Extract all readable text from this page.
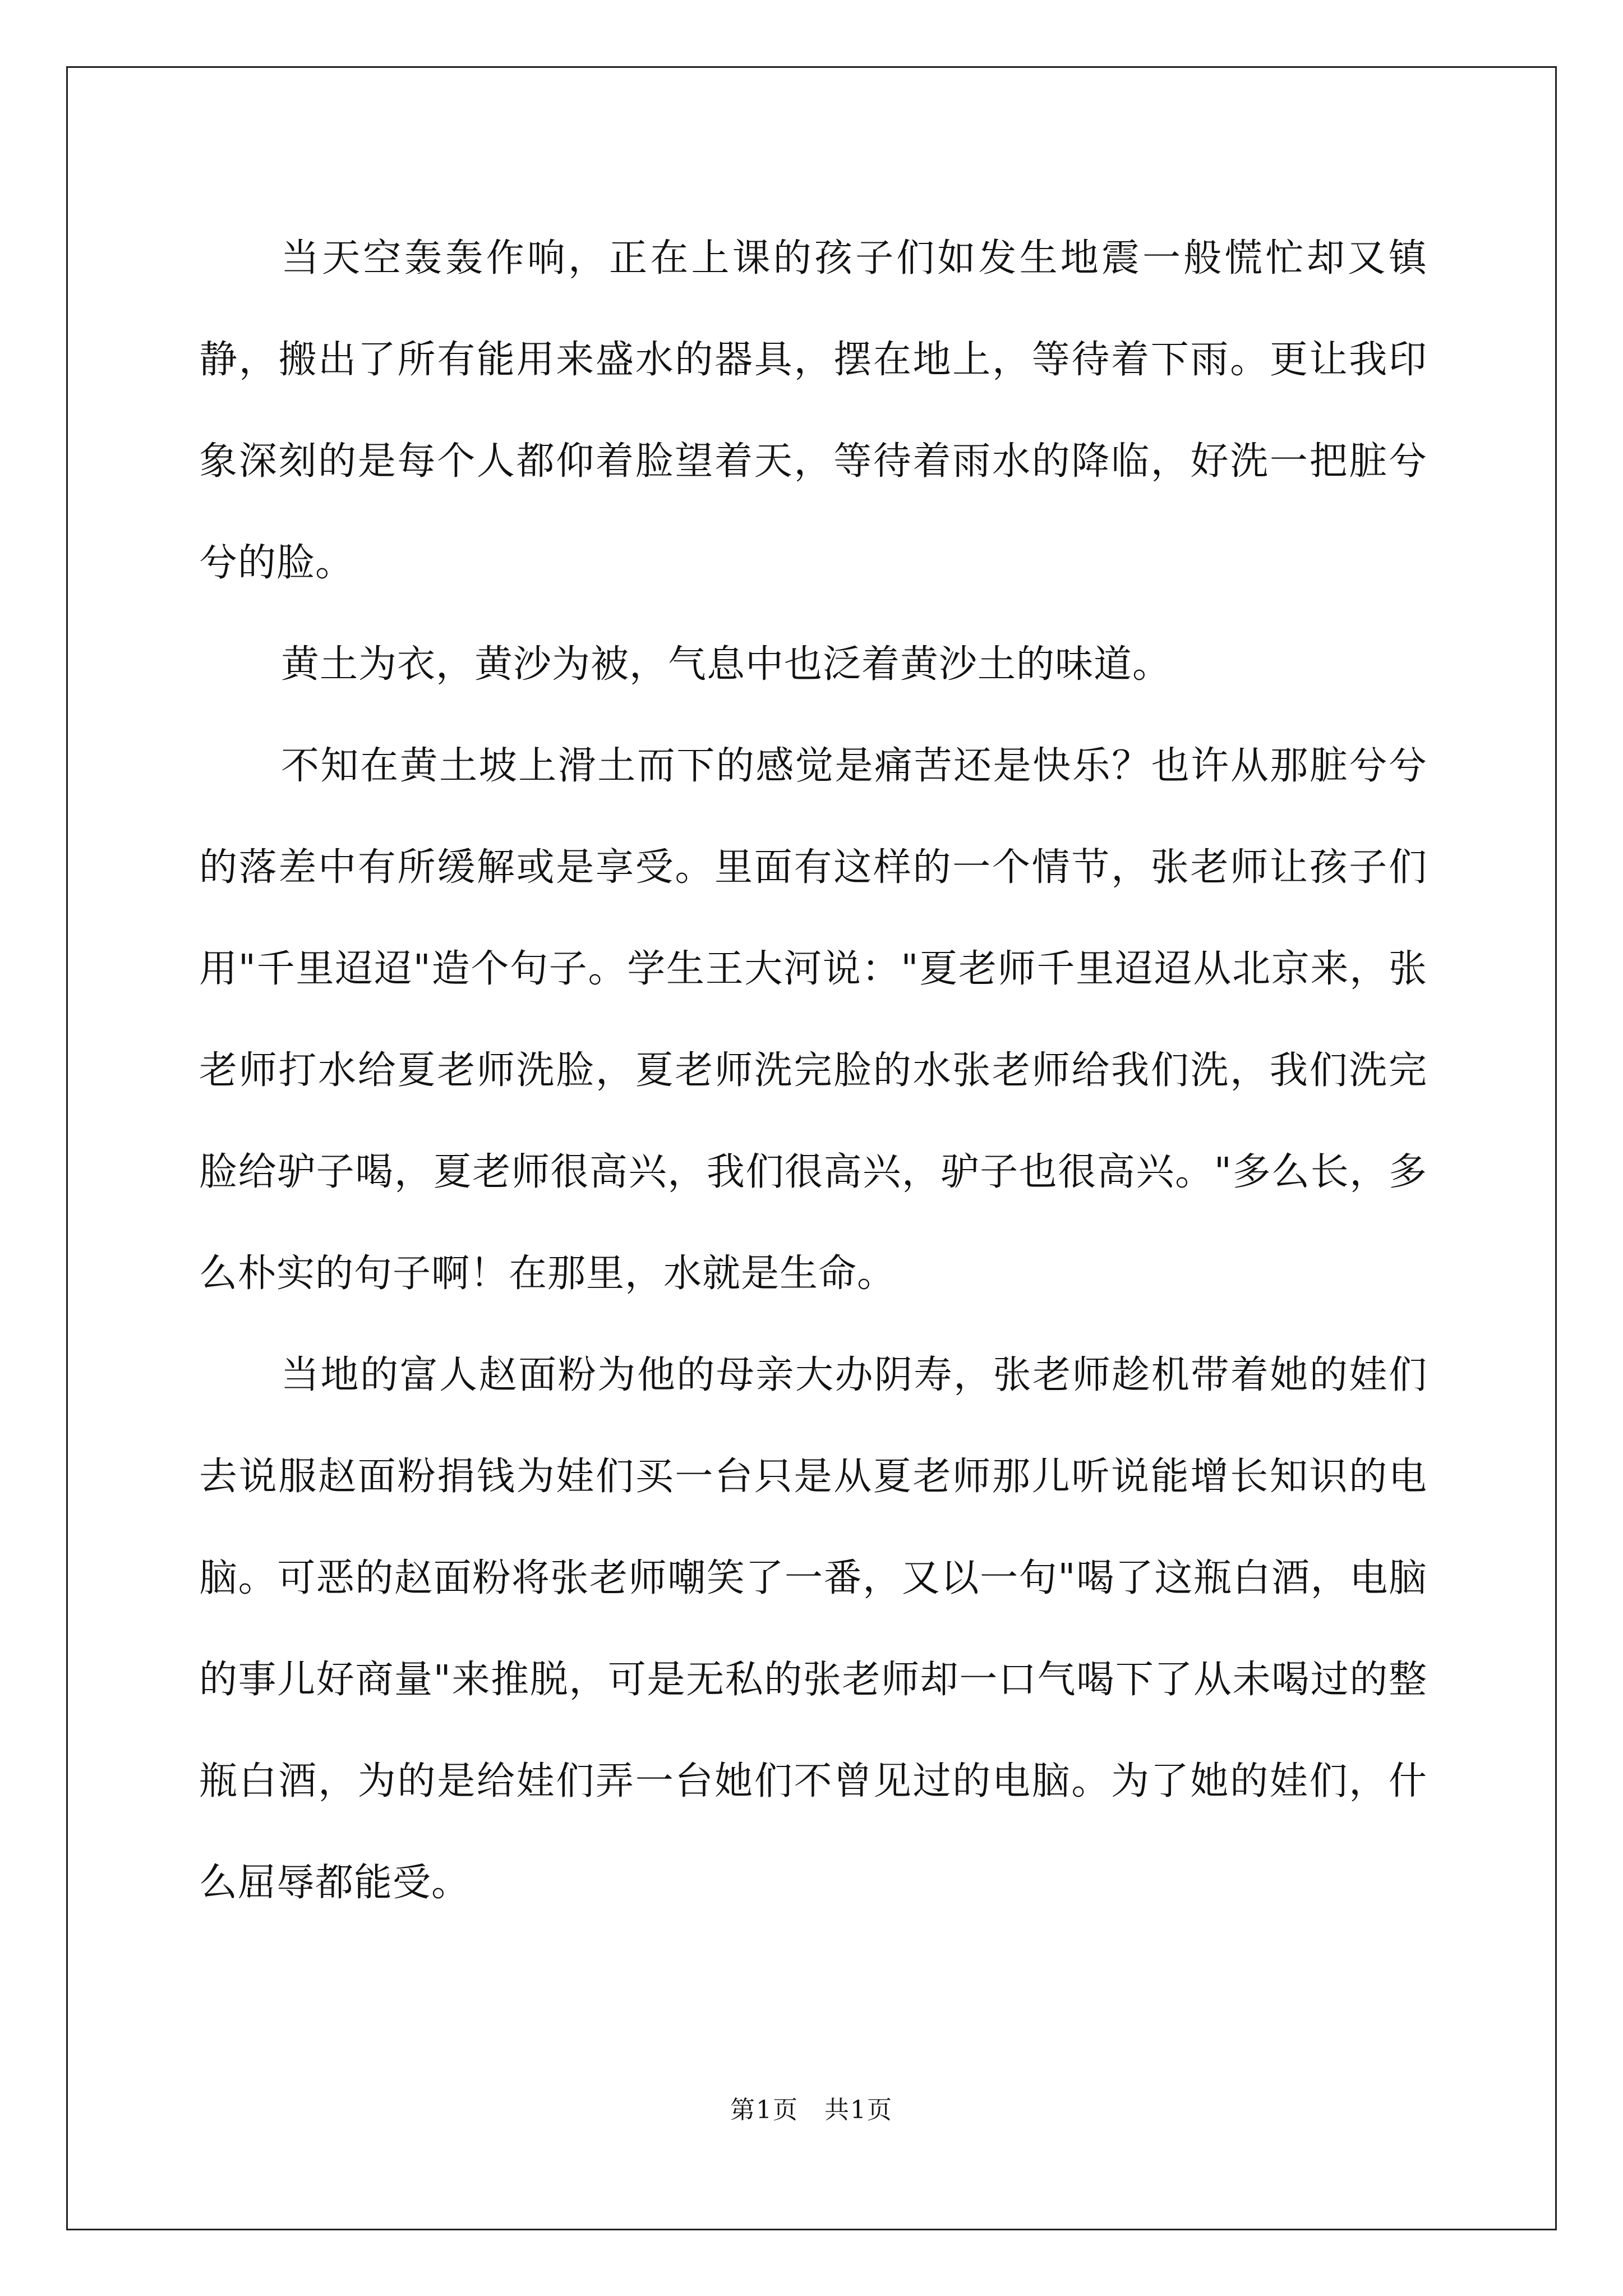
当天空轰轰作响，正在上课的孩子们如发生地震一般慌忙却又镇静，搬出了所有能用来盛水的器具，摆在地上，等待着下雨。更让我印象深刻的是每个人都仰着脸望着天，等待着雨水的降临，好洗一把脏兮兮的脸。

黄土为衣，黄沙为被，气息中也泛着黄沙土的味道。

不知在黄土坡上滑土而下的感觉是痛苦还是快乐？也许从那脏兮兮的落差中有所缓解或是享受。里面有这样的一个情节，张老师让孩子们用"千里迢迢"造个句子。学生王大河说："夏老师千里迢迢从北京来，张老师打水给夏老师洗脸，夏老师洗完脸的水张老师给我们洗，我们洗完脸给驴子喝，夏老师很高兴，我们很高兴，驴子也很高兴。"多么长，多么朴实的句子啊！在那里，水就是生命。

当地的富人赵面粉为他的母亲大办阴寿，张老师趁机带着她的娃们去说服赵面粉捐钱为娃们买一台只是从夏老师那儿听说能增长知识的电脑。可恶的赵面粉将张老师嘲笑了一番，又以一句"喝了这瓶白酒，电脑的事儿好商量"来推脱，可是无私的张老师却一口气喝下了从未喝过的整瓶白酒，为的是给娃们弄一台她们不曾见过的电脑。为了她的娃们，什么屈辱都能受。

第1页　共1页
